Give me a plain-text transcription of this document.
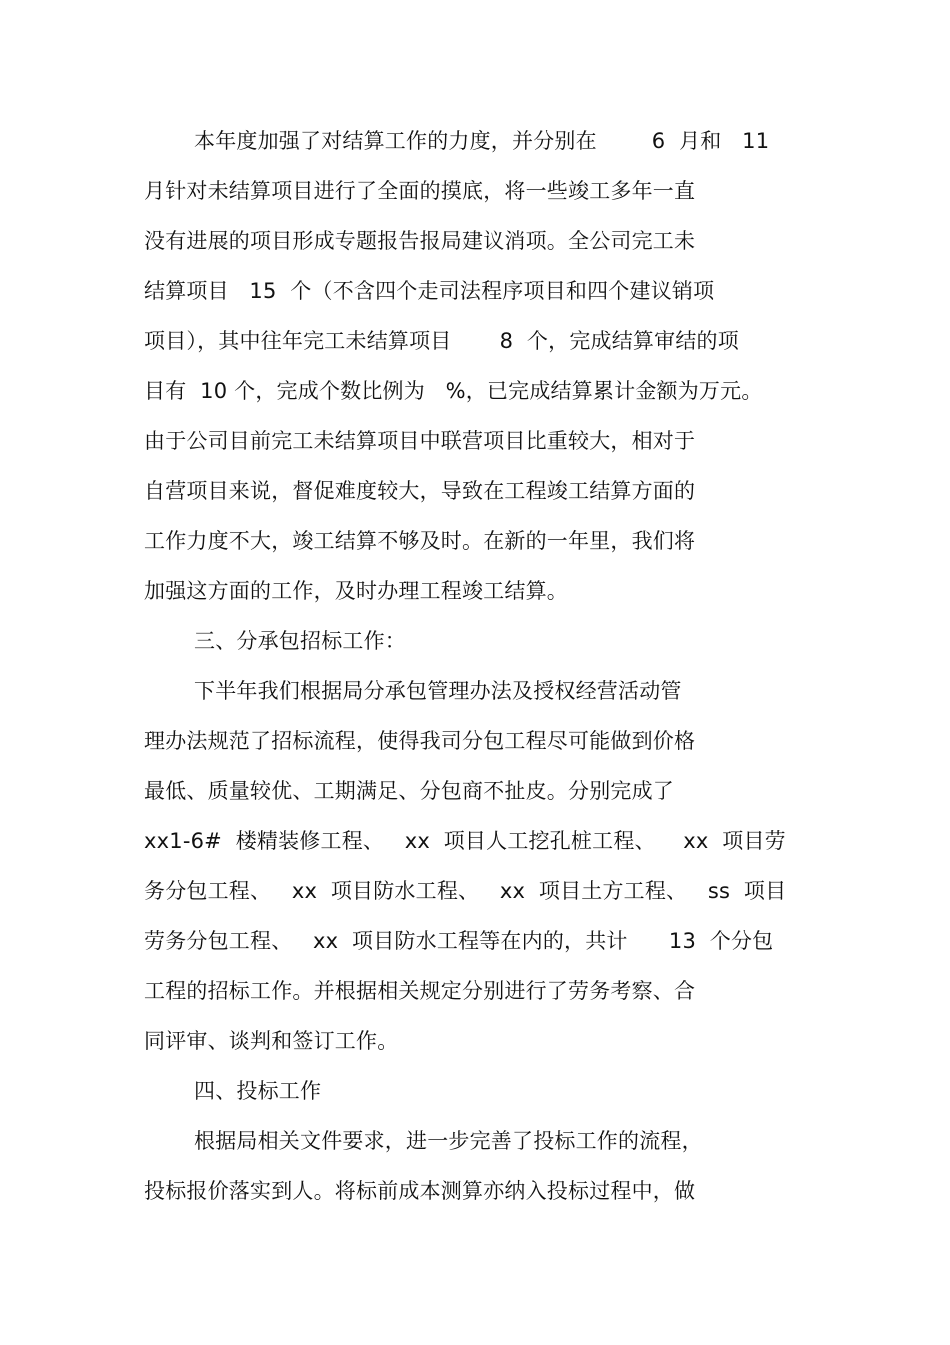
本年度加强了对结算工作的力度，并分别在        6  月和   11
月针对未结算项目进行了全面的摸底，将一些竣工多年一直
没有进展的项目形成专题报告报局建议消项。全公司完工未
结算项目   15  个（不含四个走司法程序项目和四个建议销项
项目），其中往年完工未结算项目       8  个，完成结算审结的项
目有  10 个，完成个数比例为   %，已完成结算累计金额为万元。
由于公司目前完工未结算项目中联营项目比重较大，相对于
自营项目来说，督促难度较大，导致在工程竣工结算方面的
工作力度不大，竣工结算不够及时。在新的一年里，我们将
加强这方面的工作，及时办理工程竣工结算。
三、分承包招标工作：
下半年我们根据局分承包管理办法及授权经营活动管
理办法规范了招标流程，使得我司分包工程尽可能做到价格
最低、质量较优、工期满足、分包商不扯皮。分别完成了
xx1-6#  楼精装修工程、   xx  项目人工挖孔桩工程、    xx  项目劳
务分包工程、   xx  项目防水工程、   xx  项目土方工程、   ss  项目
劳务分包工程、   xx  项目防水工程等在内的，共计      13  个分包
工程的招标工作。并根据相关规定分别进行了劳务考察、合
同评审、谈判和签订工作。
四、投标工作
根据局相关文件要求，进一步完善了投标工作的流程，
投标报价落实到人。将标前成本测算亦纳入投标过程中，做
